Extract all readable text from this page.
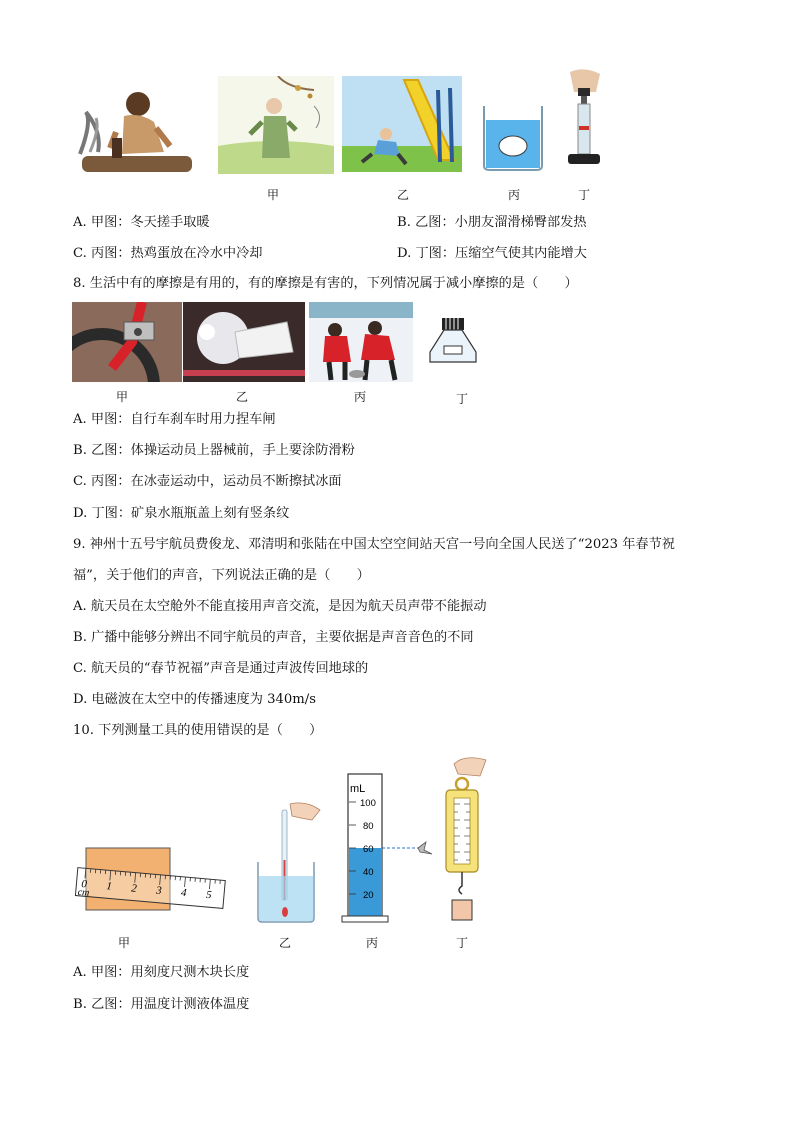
甲	乙	丙	丁
A. 甲图：冬天搓手取暖	B. 乙图：小朋友溜滑梯臀部发热
C. 丙图：热鸡蛋放在冷水中冷却	D. 丁图：压缩空气使其内能增大
8. 生活中有的摩擦是有用的，有的摩擦是有害的，下列情况属于减小摩擦的是（　　）
甲	乙	丙	丁
A. 甲图：自行车刹车时用力捏车闸
B. 乙图：体操运动员上器械前，手上要涂防滑粉
C. 丙图：在冰壶运动中，运动员不断擦拭冰面
D. 丁图：矿泉水瓶瓶盖上刻有竖条纹
9. 神州十五号宇航员费俊龙、邓清明和张陆在中国太空空间站天宫一号向全国人民送了“2023 年春节祝
福”，关于他们的声音，下列说法正确的是（　　）
A. 航天员在太空舱外不能直接用声音交流，是因为航天员声带不能振动
B. 广播中能够分辨出不同宇航员的声音，主要依据是声音音色的不同
C. 航天员的“春节祝福”声音是通过声波传回地球的
D. 电磁波在太空中的传播速度为 340m/s
10. 下列测量工具的使用错误的是（　　）
0
cm
1 2 3 4 5
mL
100
80
60
40
20
甲	乙	丙	丁
A. 甲图：用刻度尺测木块长度
B. 乙图：用温度计测液体温度
